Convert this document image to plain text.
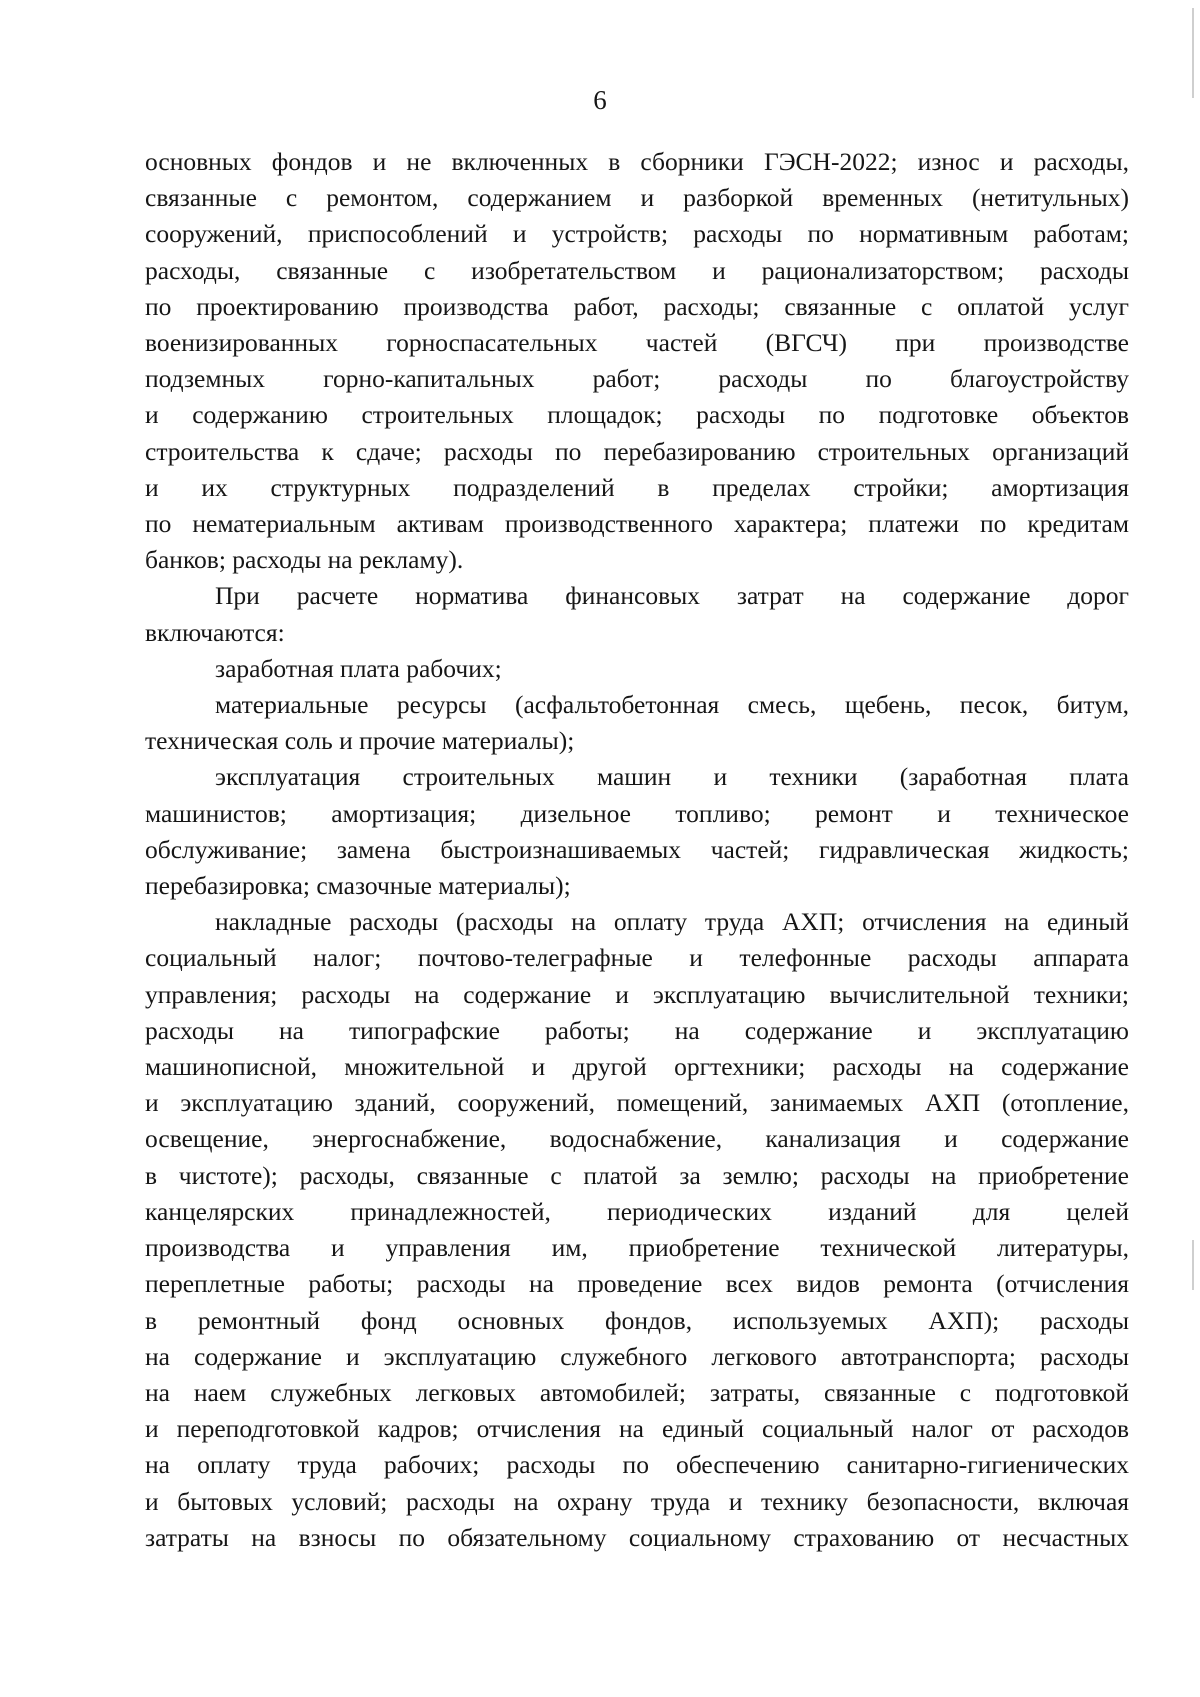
6
основных фондов и не включенных в сборники ГЭСН-2022; износ и расходы,
связанные с ремонтом, содержанием и разборкой временных (нетитульных)
сооружений, приспособлений и устройств; расходы по нормативным работам;
расходы, связанные с изобретательством и рационализаторством; расходы
по проектированию производства работ, расходы; связанные с оплатой услуг
военизированных горноспасательных частей (ВГСЧ) при производстве
подземных горно-капитальных работ; расходы по благоустройству
и содержанию строительных площадок; расходы по подготовке объектов
строительства к сдаче; расходы по перебазированию строительных организаций
и их структурных подразделений в пределах стройки; амортизация
по нематериальным активам производственного характера; платежи по кредитам
банков; расходы на рекламу).
При расчете норматива финансовых затрат на содержание дорог
включаются:
заработная плата рабочих;
материальные ресурсы (асфальтобетонная смесь, щебень, песок, битум,
техническая соль и прочие материалы);
эксплуатация строительных машин и техники (заработная плата
машинистов; амортизация; дизельное топливо; ремонт и техническое
обслуживание; замена быстроизнашиваемых частей; гидравлическая жидкость;
перебазировка; смазочные материалы);
накладные расходы (расходы на оплату труда АХП; отчисления на единый
социальный налог; почтово-телеграфные и телефонные расходы аппарата
управления; расходы на содержание и эксплуатацию вычислительной техники;
расходы на типографские работы; на содержание и эксплуатацию
машинописной, множительной и другой оргтехники; расходы на содержание
и эксплуатацию зданий, сооружений, помещений, занимаемых АХП (отопление,
освещение, энергоснабжение, водоснабжение, канализация и содержание
в чистоте); расходы, связанные с платой за землю; расходы на приобретение
канцелярских принадлежностей, периодических изданий для целей
производства и управления им, приобретение технической литературы,
переплетные работы; расходы на проведение всех видов ремонта (отчисления
в ремонтный фонд основных фондов, используемых АХП); расходы
на содержание и эксплуатацию служебного легкового автотранспорта; расходы
на наем служебных легковых автомобилей; затраты, связанные с подготовкой
и переподготовкой кадров; отчисления на единый социальный налог от расходов
на оплату труда рабочих; расходы по обеспечению санитарно-гигиенических
и бытовых условий; расходы на охрану труда и технику безопасности, включая
затраты на взносы по обязательному социальному страхованию от несчастных
